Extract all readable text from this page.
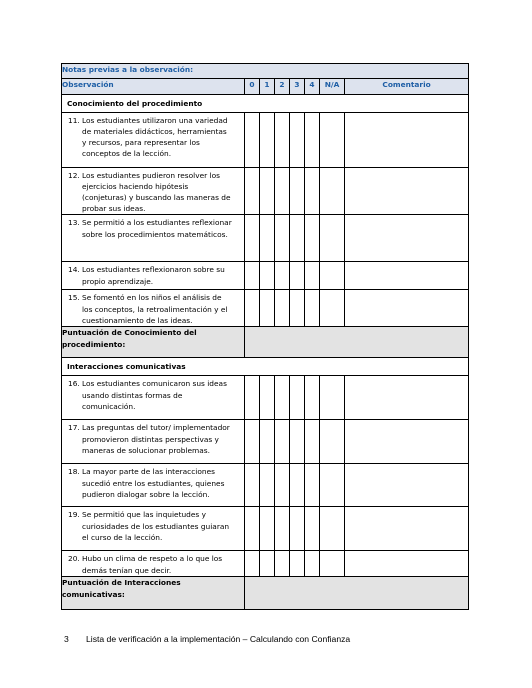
Notas previas a la observación:							
Observación	0	1	2	3	4	N/A	Comentario
Conocimiento del procedimiento							

11. Los estudiantes utilizaron una variedad
de materiales didácticos, herramientas
y recursos, para representar los
conceptos de la lección.							

12. Los estudiantes pudieron resolver los
ejercicios haciendo hipótesis
(conjeturas) y buscando las maneras de
probar sus ideas.							

13. Se permitió a los estudiantes reflexionar
sobre los procedimientos matemáticos.							

14. Los estudiantes reflexionaron sobre su
propio aprendizaje.							

15. Se fomentó en los niños el análisis de
los conceptos, la retroalimentación y el
cuestionamiento de las ideas.							

Puntuación de Conocimiento del procedimiento:							
Interacciones comunicativas							

16. Los estudiantes comunicaron sus ideas
usando distintas formas de
comunicación.							

17. Las preguntas del tutor/ implementador
promovieron distintas perspectivas y
maneras de solucionar problemas.							

18. La mayor parte de las interacciones
sucedió entre los estudiantes, quienes
pudieron dialogar sobre la lección.							

19. Se permitió que las inquietudes y
curiosidades de los estudiantes guiaran
el curso de la lección.							

20. Hubo un clima de respeto a lo que los
demás tenían que decir.							

Puntuación de Interacciones comunicativas:							
3 Lista de verificación a la implementación – Calculando con Confianza
